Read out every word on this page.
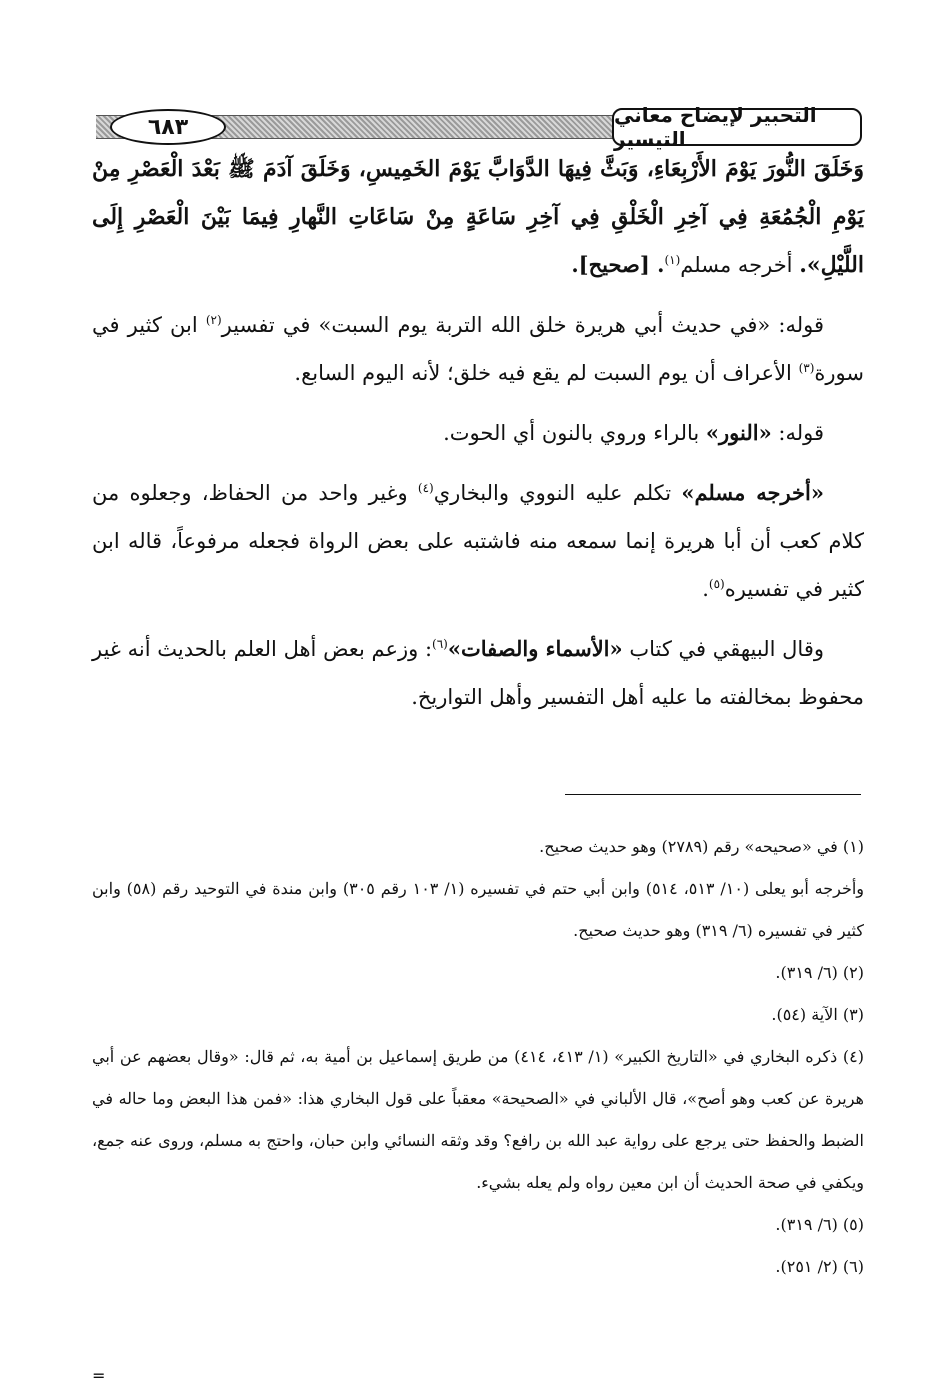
٦٨٣	التحبير لإيضاح معاني التيسير

وَخَلَقَ النُّورَ يَوْمَ الأَرْبِعَاءِ، وَبَثَّ فِيهَا الدَّوَابَّ يَوْمَ الخَمِيسِ، وَخَلَقَ آدَمَ ﷺ بَعْدَ الْعَصْرِ مِنْ يَوْمِ الْجُمُعَةِ فِي آخِرِ الْخَلْقِ فِي آخِرِ سَاعَةٍ مِنْ سَاعَاتِ النَّهارِ فِيمَا بَيْنَ الْعَصْرِ إِلَى اللَّيْلِ». أخرجه مسلم$^{(١)}$. [صحيح].

قوله: «في حديث أبي هريرة خلق الله التربة يوم السبت» في تفسير$^{(٢)}$ ابن كثير في سورة$^{(٣)}$ الأعراف أن يوم السبت لم يقع فيه خلق؛ لأنه اليوم السابع.

قوله: «النور» بالراء وروي بالنون أي الحوت.

«أخرجه مسلم» تكلم عليه النووي والبخاري$^{(٤)}$ وغير واحد من الحفاظ، وجعلوه من كلام كعب أن أبا هريرة إنما سمعه منه فاشتبه على بعض الرواة فجعله مرفوعاً، قاله ابن كثير في تفسيره$^{(٥)}$.

وقال البيهقي في كتاب «الأسماء والصفات»$^{(٦)}$: وزعم بعض أهل العلم بالحديث أنه غير محفوظ بمخالفته ما عليه أهل التفسير وأهل التواريخ.

(١) في «صحيحه» رقم (٢٧٨٩) وهو حديث صحيح.

وأخرجه أبو يعلى (١٠/ ٥١٣، ٥١٤) وابن أبي حتم في تفسيره (١/ ١٠٣ رقم ٣٠٥) وابن مندة في التوحيد رقم (٥٨) وابن كثير في تفسيره (٦/ ٣١٩) وهو حديث صحيح.

(٢) (٦/ ٣١٩).

(٣) الآية (٥٤).

(٤) ذكره البخاري في «التاريخ الكبير» (١/ ٤١٣، ٤١٤) من طريق إسماعيل بن أمية به، ثم قال: «وقال بعضهم عن أبي هريرة عن كعب وهو أصح»، قال الألباني في «الصحيحة» معقباً على قول البخاري هذا: «فمن هذا البعض وما حاله في الضبط والحفظ حتى يرجع على رواية عبد الله بن رافع؟ وقد وثقه النسائي وابن حبان، واحتج به مسلم، وروى عنه جمع، ويكفي في صحة الحديث أن ابن معين رواه ولم يعله بشيء.

(٥) (٦/ ٣١٩).

(٦) (٢/ ٢٥١).

=
